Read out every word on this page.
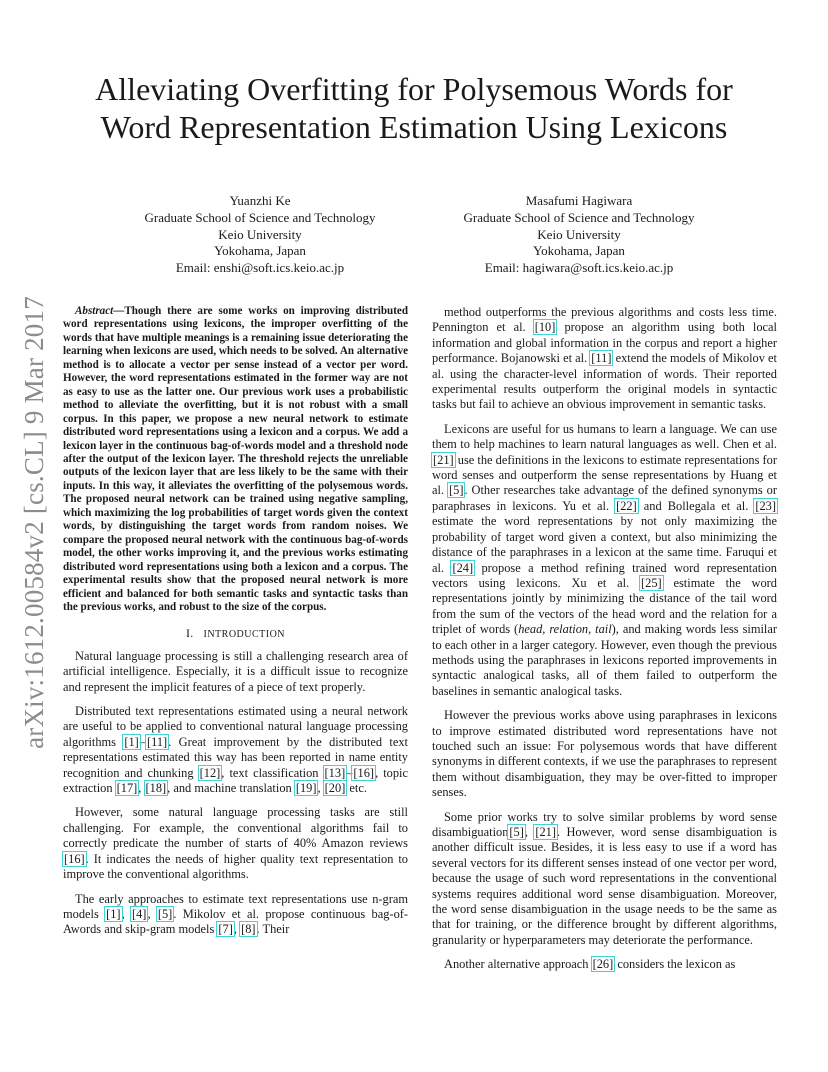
Alleviating Overfitting for Polysemous Words for
Word Representation Estimation Using Lexicons
Yuanzhi Ke
Graduate School of Science and Technology
Keio University
Yokohama, Japan
Email: enshi@soft.ics.keio.ac.jp
Masafumi Hagiwara
Graduate School of Science and Technology
Keio University
Yokohama, Japan
Email: hagiwara@soft.ics.keio.ac.jp
arXiv:1612.00584v2 [cs.CL] 9 Mar 2017	Abstract—Though there are some works on improving distributed word representations using lexicons, the improper overfitting of the words that have multiple meanings is a remaining issue deteriorating the learning when lexicons are used, which needs to be solved. An alternative method is to allocate a vector per sense instead of a vector per word. However, the word representations estimated in the former way are not as easy to use as the latter one. Our previous work uses a probabilistic method to alleviate the overfitting, but it is not robust with a small corpus. In this paper, we propose a new neural network to estimate distributed word representations using a lexicon and a corpus. We add a lexicon layer in the continuous bag-of-words model and a threshold node after the output of the lexicon layer. The threshold rejects the unreliable outputs of the lexicon layer that are less likely to be the same with their inputs. In this way, it alleviates the overfitting of the polysemous words. The proposed neural network can be trained using negative sampling, which maximizing the log probabilities of target words given the context words, by distinguishing the target words from random noises. We compare the proposed neural network with the continuous bag-of-words model, the other works improving it, and the previous works estimating distributed word representations using both a lexicon and a corpus. The experimental results show that the proposed neural network is more efficient and balanced for both semantic tasks and syntactic tasks than the previous works, and robust to the size of the corpus.

I. INTRODUCTION

Natural language processing is still a challenging research area of artificial intelligence. Especially, it is a difficult issue to recognize and represent the implicit features of a piece of text properly.

Distributed text representations estimated using a neural network are useful to be applied to conventional natural language processing algorithms [1]–[11]. Great improvement by the distributed text representations estimated this way has been reported in name entity recognition and chunking [12], text classification [13]–[16], topic extraction [17], [18], and machine translation [19], [20] etc.

However, some natural language processing tasks are still challenging. For example, the conventional algorithms fail to correctly predicate the number of starts of 40% Amazon reviews [16]. It indicates the needs of higher quality text representation to improve the conventional algorithms.

The early approaches to estimate text representations use n-gram models [1], [4], [5]. Mikolov et al. propose continuous bag-of-Awords and skip-gram models [7], [8]. Their

method outperforms the previous algorithms and costs less time. Pennington et al. [10] propose an algorithm using both local information and global information in the corpus and report a higher performance. Bojanowski et al. [11] extend the models of Mikolov et al. using the character-level information of words. Their reported experimental results outperform the original models in syntactic tasks but fail to achieve an obvious improvement in semantic tasks.

Lexicons are useful for us humans to learn a language. We can use them to help machines to learn natural languages as well. Chen et al. [21] use the definitions in the lexicons to estimate representations for word senses and outperform the sense representations by Huang et al. [5]. Other researches take advantage of the defined synonyms or paraphrases in lexicons. Yu et al. [22] and Bollegala et al. [23] estimate the word representations by not only maximizing the probability of target word given a context, but also minimizing the distance of the paraphrases in a lexicon at the same time. Faruqui et al. [24] propose a method refining trained word representation vectors using lexicons. Xu et al. [25] estimate the word representations jointly by minimizing the distance of the tail word from the sum of the vectors of the head word and the relation for a triplet of words (head, relation, tail), and making words less similar to each other in a larger category. However, even though the previous methods using the paraphrases in lexicons reported improvements in syntactic analogical tasks, all of them failed to outperform the baselines in semantic analogical tasks.

However the previous works above using paraphrases in lexicons to improve estimated distributed word representations have not touched such an issue: For polysemous words that have different synonyms in different contexts, if we use the paraphrases to represent them without disambiguation, they may be over-fitted to improper senses.

Some prior works try to solve similar problems by word sense disambiguation[5], [21]. However, word sense disambiguation is another difficult issue. Besides, it is less easy to use if a word has several vectors for its different senses instead of one vector per word, because the usage of such word representations in the conventional systems requires additional word sense disambiguation. Moreover, the word sense disambiguation in the usage needs to be the same as that for training, or the difference brought by different algorithms, granularity or hyperparameters may deteriorate the performance.

Another alternative approach [26] considers the lexicon as
